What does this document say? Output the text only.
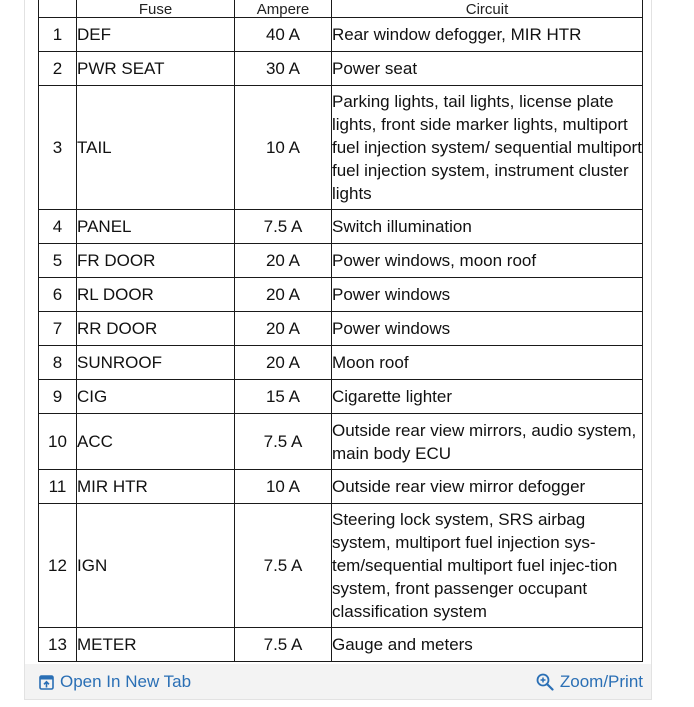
	Fuse	Ampere	Circuit
1	DEF	40 A	Rear window defogger, MIR HTR
2	PWR SEAT	30 A	Power seat
3	TAIL	10 A	Parking lights, tail lights, license plate lights, front side marker lights, multiport fuel injection system/ sequential multiport fuel injection system, instrument cluster lights
4	PANEL	7.5 A	Switch illumination
5	FR DOOR	20 A	Power windows, moon roof
6	RL DOOR	20 A	Power windows
7	RR DOOR	20 A	Power windows
8	SUNROOF	20 A	Moon roof
9	CIG	15 A	Cigarette lighter
10	ACC	7.5 A	Outside rear view mirrors, audio system, main body ECU
11	MIR HTR	10 A	Outside rear view mirror defogger
12	IGN	7.5 A	Steering lock system, SRS airbag system, multiport fuel injection sys-tem/sequential multiport fuel injec-tion system, front passenger occupant classification system
13	METER	7.5 A	Gauge and meters
Open In New Tab	Zoom/Print
